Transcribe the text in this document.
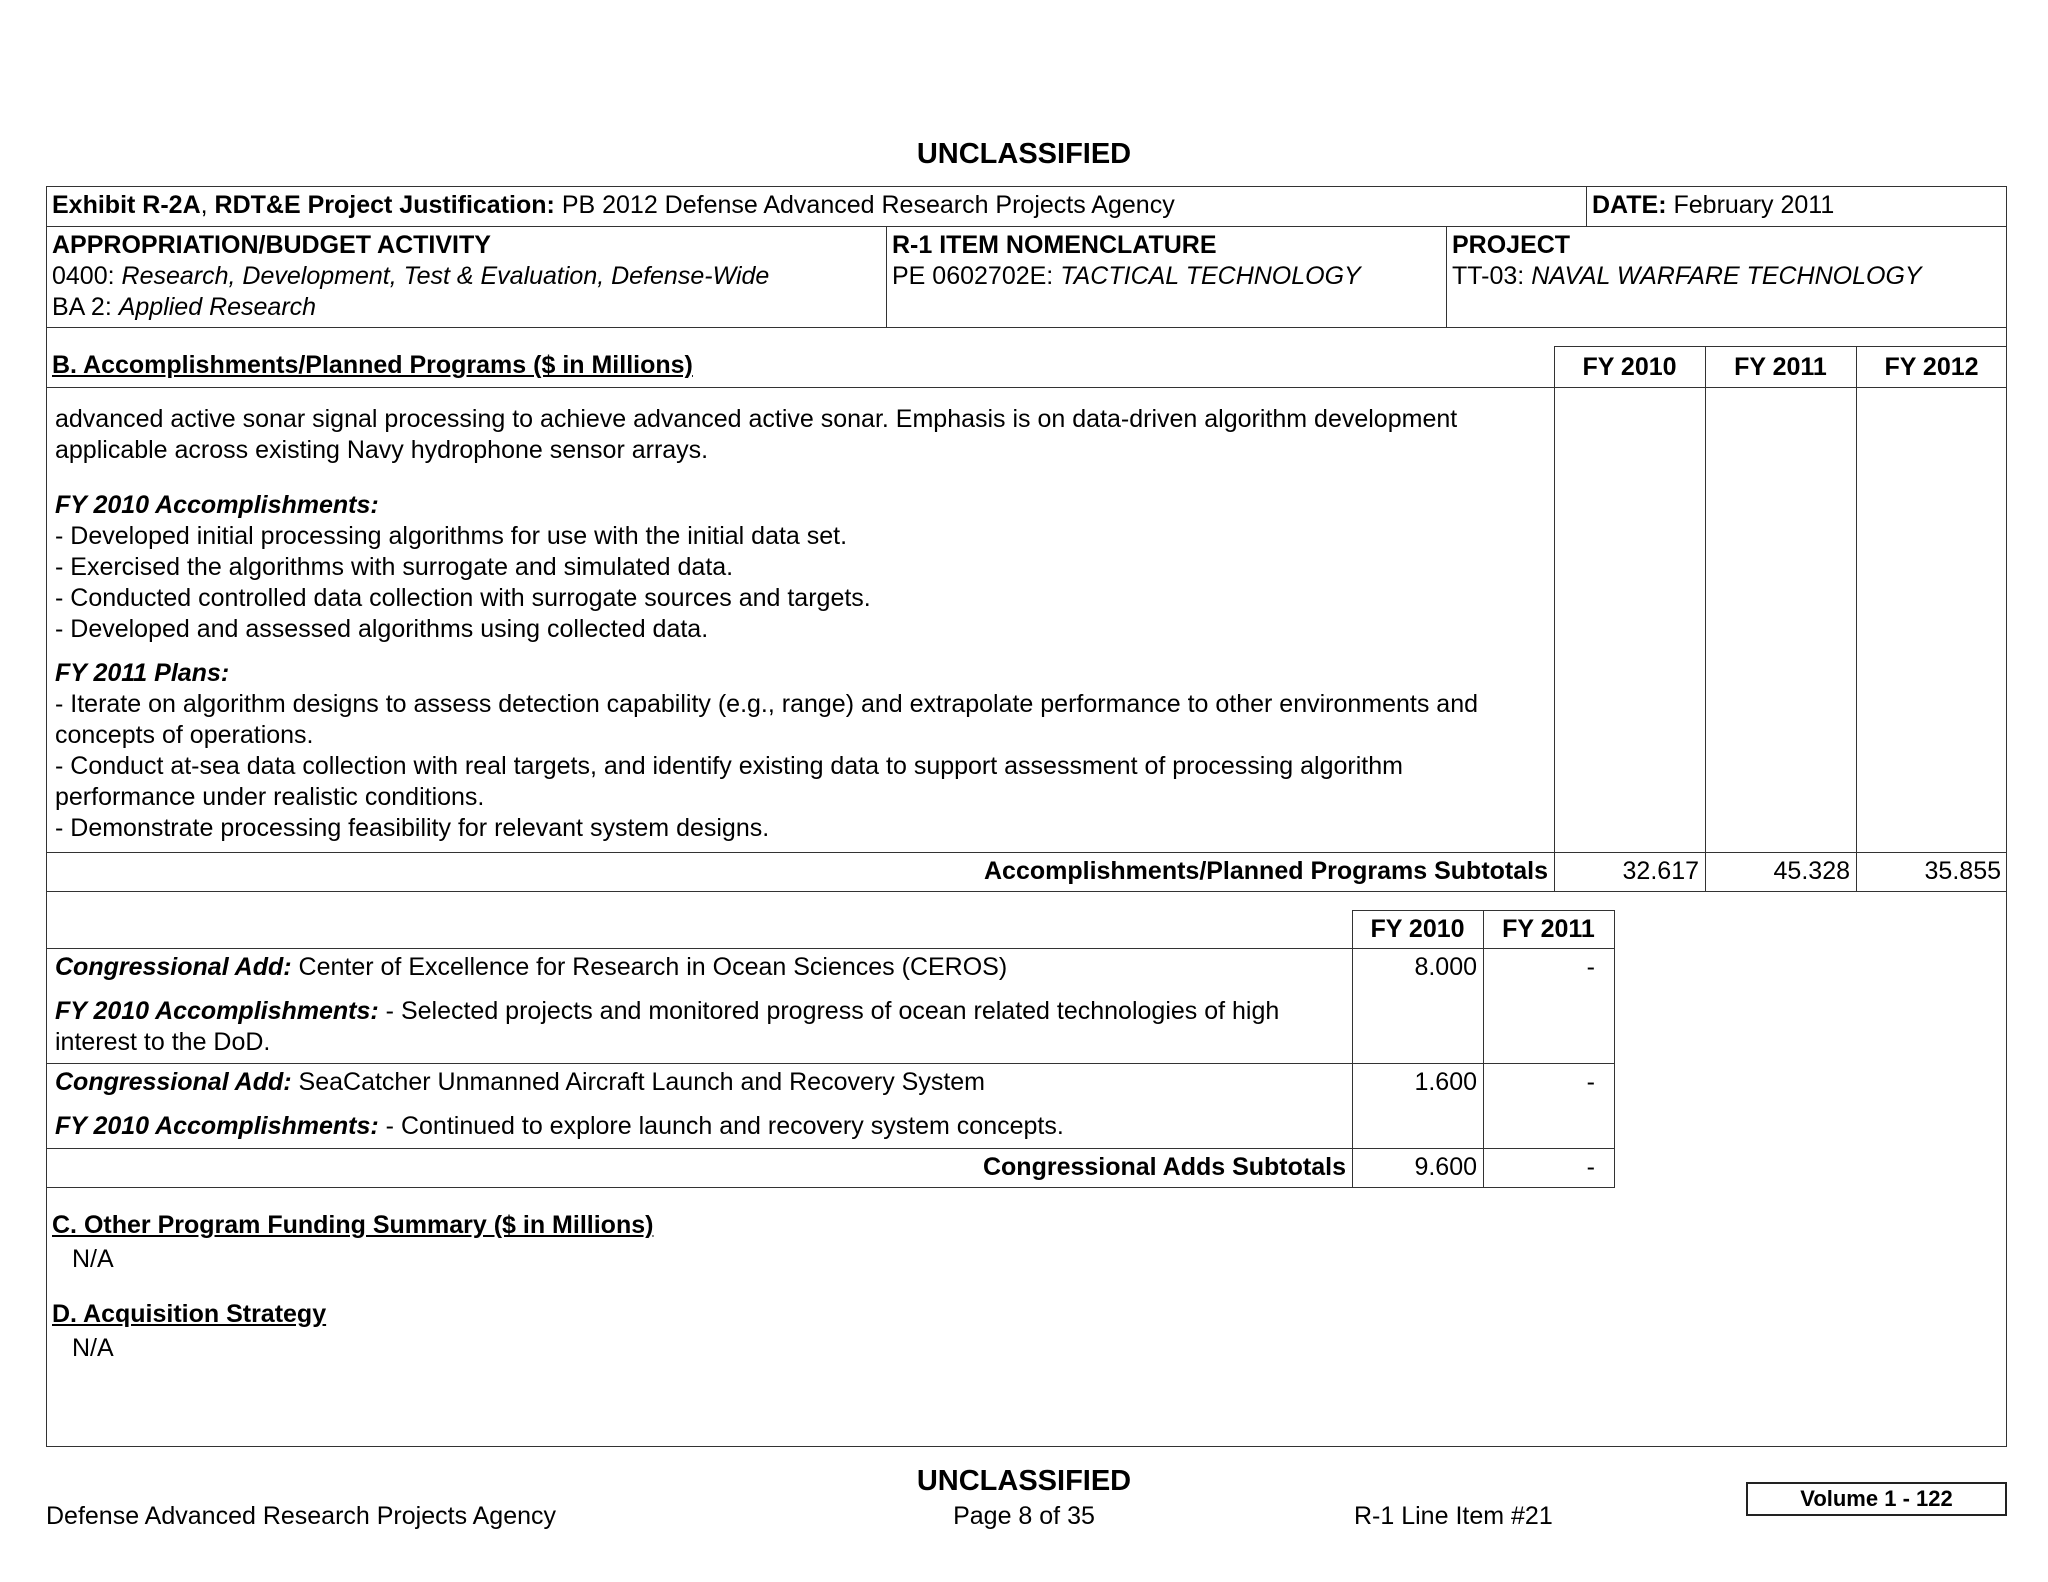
UNCLASSIFIED
Exhibit R-2A, RDT&E Project Justification: PB 2012 Defense Advanced Research Projects Agency	DATE: February 2011
APPROPRIATION/BUDGET ACTIVITY
0400: Research, Development, Test & Evaluation, Defense-Wide
BA 2: Applied Research
R-1 ITEM NOMENCLATURE
PE 0602702E: TACTICAL TECHNOLOGY
PROJECT
TT-03: NAVAL WARFARE TECHNOLOGY
B. Accomplishments/Planned Programs ($ in Millions)	FY 2010	FY 2011	FY 2012
advanced active sonar signal processing to achieve advanced active sonar. Emphasis is on data-driven algorithm development
applicable across existing Navy hydrophone sensor arrays.
FY 2010 Accomplishments:
- Developed initial processing algorithms for use with the initial data set.
- Exercised the algorithms with surrogate and simulated data.
- Conducted controlled data collection with surrogate sources and targets.
- Developed and assessed algorithms using collected data.
FY 2011 Plans:
- Iterate on algorithm designs to assess detection capability (e.g., range) and extrapolate performance to other environments and
concepts of operations.
- Conduct at-sea data collection with real targets, and identify existing data to support assessment of processing algorithm
performance under realistic conditions.
- Demonstrate processing feasibility for relevant system designs.
Accomplishments/Planned Programs Subtotals	32.617	45.328	35.855
FY 2010	FY 2011
Congressional Add: Center of Excellence for Research in Ocean Sciences (CEROS)
FY 2010 Accomplishments: - Selected projects and monitored progress of ocean related technologies of high
interest to the DoD.
8.000	-
Congressional Add: SeaCatcher Unmanned Aircraft Launch and Recovery System
FY 2010 Accomplishments: - Continued to explore launch and recovery system concepts.
1.600	-
Congressional Adds Subtotals	9.600	-
C. Other Program Funding Summary ($ in Millions)
N/A
D. Acquisition Strategy
N/A
UNCLASSIFIED
Defense Advanced Research Projects Agency	Page 8 of 35	R-1 Line Item #21
Volume 1 - 122
